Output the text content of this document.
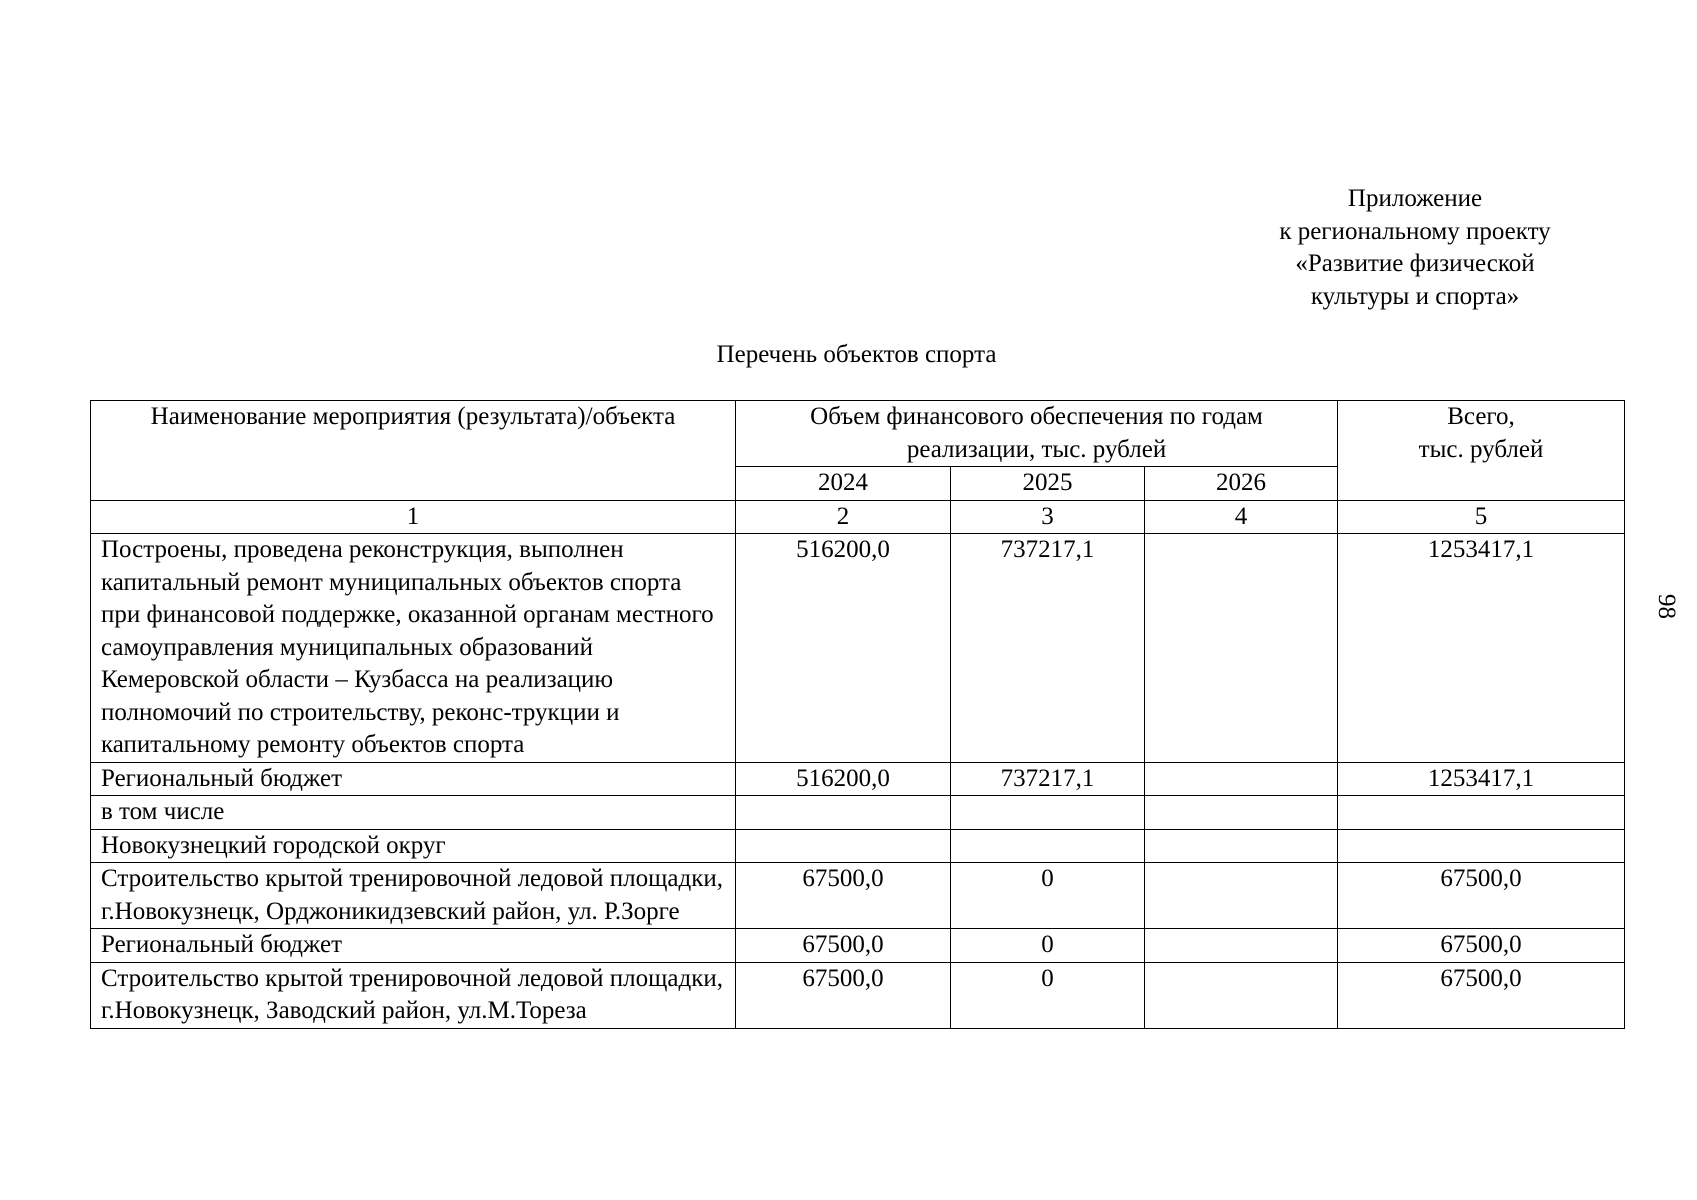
Приложение
к региональному проекту
«Развитие физической
культуры и спорта»
Перечень объектов спорта
98
Наименование мероприятия (результата)/объекта	Объем финансового обеспечения по годам реализации, тыс. рублей			Всего,
тыс. рублей
	2024	2025	2026	
1	2	3	4	5
Построены, проведена реконструкция, выполнен капитальный ремонт муниципальных объектов спорта при финансовой поддержке, оказанной органам местного самоуправления муниципальных образований Кемеровской области – Кузбасса на реализацию полномочий по строительству, реконс-трукции и капитальному ремонту объектов спорта	516200,0	737217,1		1253417,1
Региональный бюджет	516200,0	737217,1		1253417,1
в том числе				
Новокузнецкий городской округ				
Строительство крытой тренировочной ледовой площадки, г.Новокузнецк, Орджоникидзевский район, ул. Р.Зорге	67500,0	0		67500,0
Региональный бюджет	67500,0	0		67500,0
Строительство крытой тренировочной ледовой площадки, г.Новокузнецк, Заводский район, ул.М.Тореза	67500,0	0		67500,0
